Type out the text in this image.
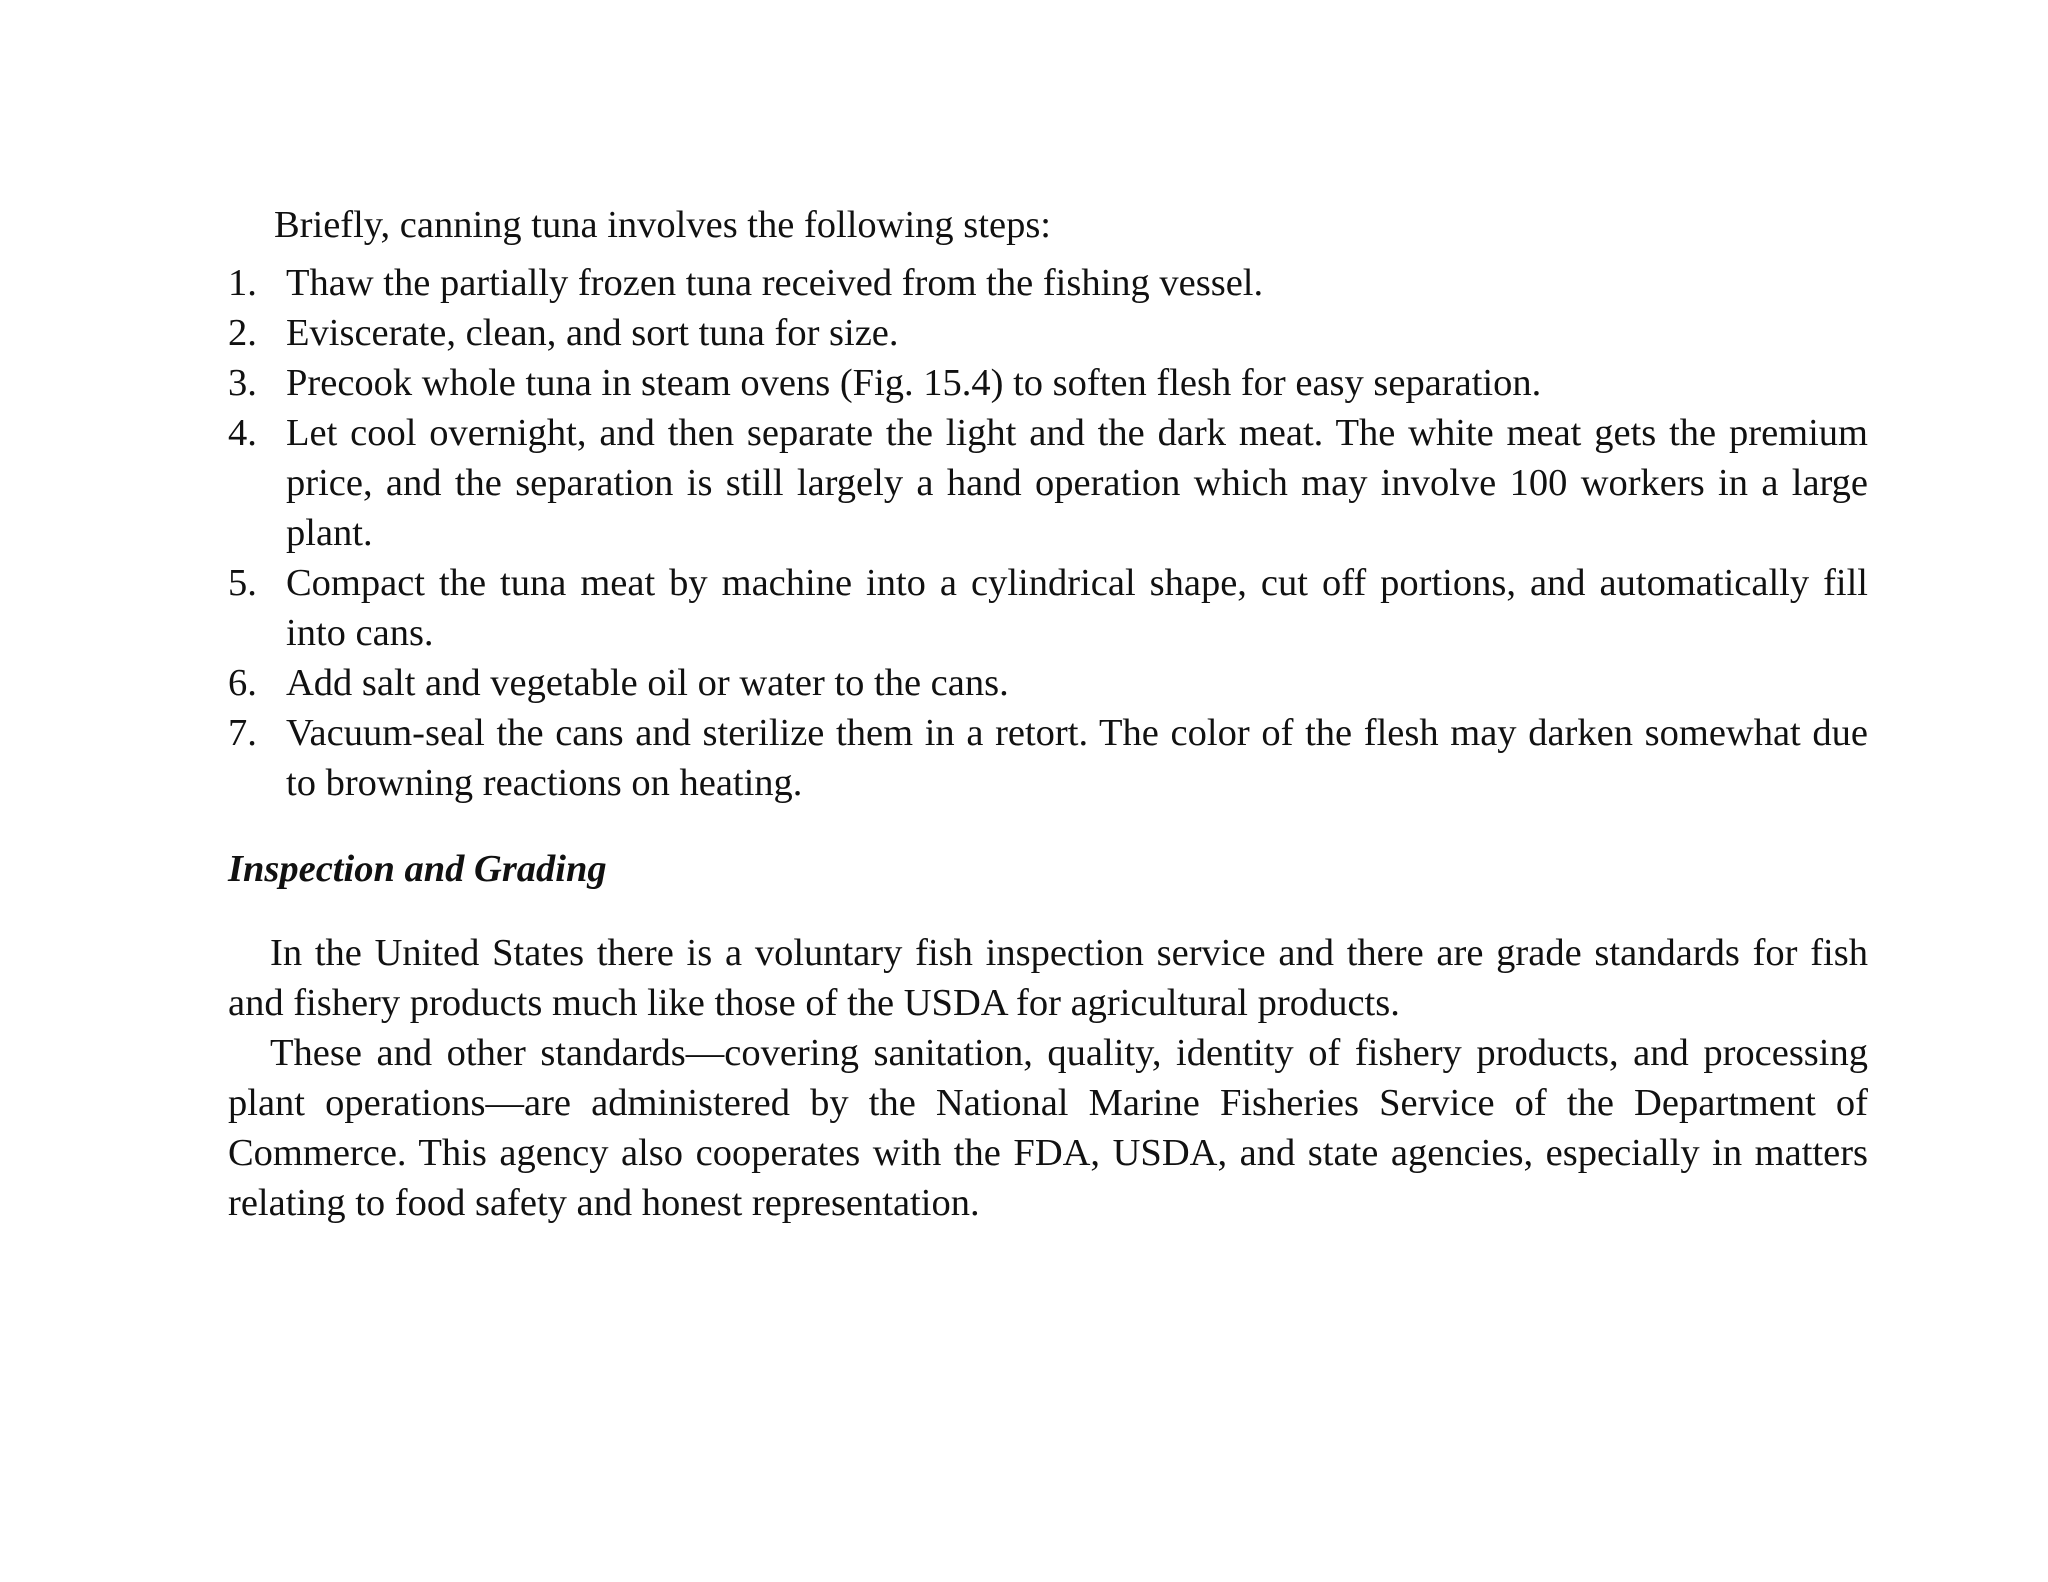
Briefly, canning tuna involves the following steps:

1. Thaw the partially frozen tuna received from the fishing vessel.
2. Eviscerate, clean, and sort tuna for size.
3. Precook whole tuna in steam ovens (Fig. 15.4) to soften flesh for easy separation.
4. Let cool overnight, and then separate the light and the dark meat. The white meat gets the premium price, and the separation is still largely a hand operation which may involve 100 workers in a large plant.
5. Compact the tuna meat by machine into a cylindrical shape, cut off portions, and automatically fill into cans.
6. Add salt and vegetable oil or water to the cans.
7. Vacuum-seal the cans and sterilize them in a retort. The color of the flesh may darken somewhat due to browning reactions on heating.
Inspection and Grading

In the United States there is a voluntary fish inspection service and there are grade standards for fish and fishery products much like those of the USDA for agricultural products.

These and other standards—covering sanitation, quality, identity of fishery products, and processing plant operations—are administered by the National Marine Fisheries Service of the Department of Commerce. This agency also cooperates with the FDA, USDA, and state agencies, especially in matters relating to food safety and honest representation.
